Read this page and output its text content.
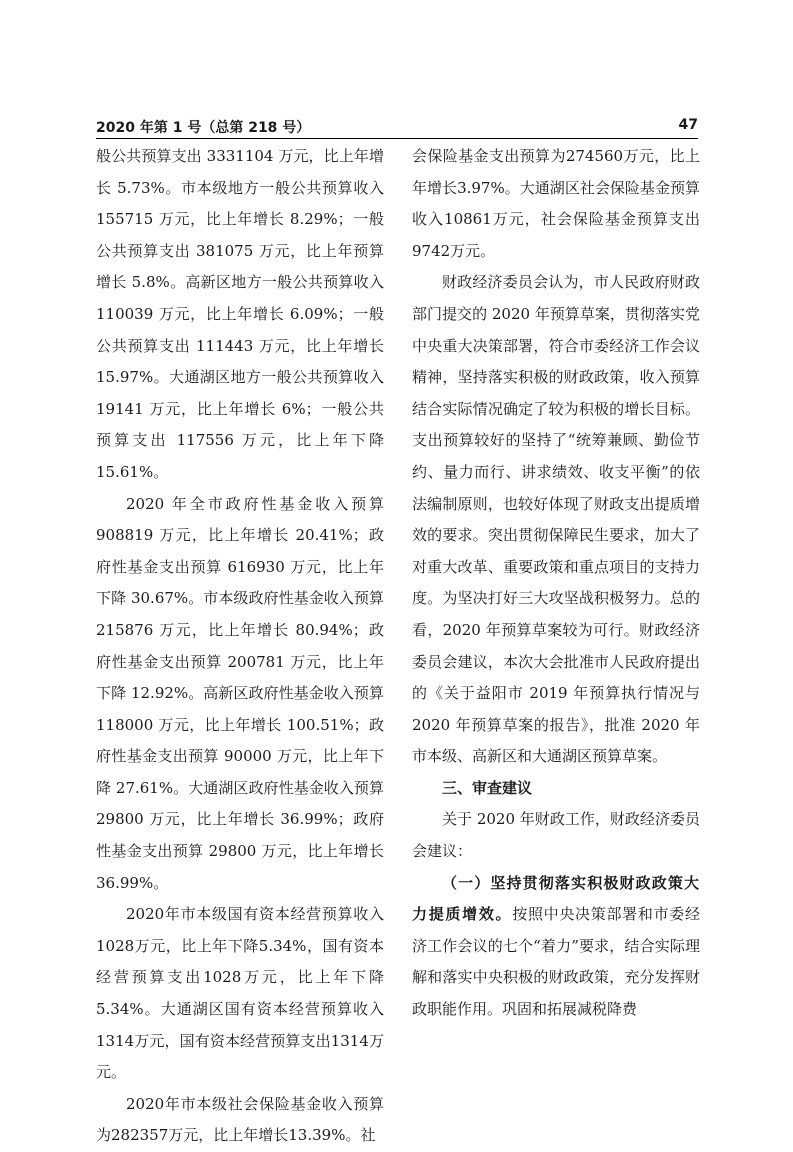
2020 年第 1 号（总第 218 号）	47

般公共预算支出 3331104 万元，比上年增长 5.73%。市本级地方一般公共预算收入 155715 万元，比上年增长 8.29%；一般公共预算支出 381075 万元，比上年预算增长 5.8%。高新区地方一般公共预算收入 110039 万元，比上年增长 6.09%；一般公共预算支出 111443 万元，比上年增长 15.97%。大通湖区地方一般公共预算收入 19141 万元，比上年增长 6%；一般公共预算支出 117556 万元，比上年下降 15.61%。

2020 年全市政府性基金收入预算 908819 万元，比上年增长 20.41%；政府性基金支出预算 616930 万元，比上年下降 30.67%。市本级政府性基金收入预算 215876 万元，比上年增长 80.94%；政府性基金支出预算 200781 万元，比上年下降 12.92%。高新区政府性基金收入预算 118000 万元，比上年增长 100.51%；政府性基金支出预算 90000 万元，比上年下降 27.61%。大通湖区政府性基金收入预算 29800 万元，比上年增长 36.99%；政府性基金支出预算 29800 万元，比上年增长 36.99%。

2020年市本级国有资本经营预算收入1028万元，比上年下降5.34%，国有资本经营预算支出1028万元，比上年下降5.34%。大通湖区国有资本经营预算收入1314万元，国有资本经营预算支出1314万元。

2020年市本级社会保险基金收入预算为282357万元，比上年增长13.39%。社

会保险基金支出预算为274560万元，比上年增长3.97%。大通湖区社会保险基金预算收入10861万元，社会保险基金预算支出9742万元。

财政经济委员会认为，市人民政府财政部门提交的 2020 年预算草案，贯彻落实党中央重大决策部署，符合市委经济工作会议精神，坚持落实积极的财政政策，收入预算结合实际情况确定了较为积极的增长目标。支出预算较好的坚持了“统筹兼顾、勤俭节约、量力而行、讲求绩效、收支平衡”的依法编制原则，也较好体现了财政支出提质增效的要求。突出贯彻保障民生要求，加大了对重大改革、重要政策和重点项目的支持力度。为坚决打好三大攻坚战积极努力。总的看，2020 年预算草案较为可行。财政经济委员会建议，本次大会批准市人民政府提出的《关于益阳市 2019 年预算执行情况与 2020 年预算草案的报告》，批准 2020 年市本级、高新区和大通湖区预算草案。

三、审查建议

关于 2020 年财政工作，财政经济委员会建议：

（一）坚持贯彻落实积极财政政策大力提质增效。按照中央决策部署和市委经济工作会议的七个“着力”要求，结合实际理解和落实中央积极的财政政策，充分发挥财政职能作用。巩固和拓展减税降费
